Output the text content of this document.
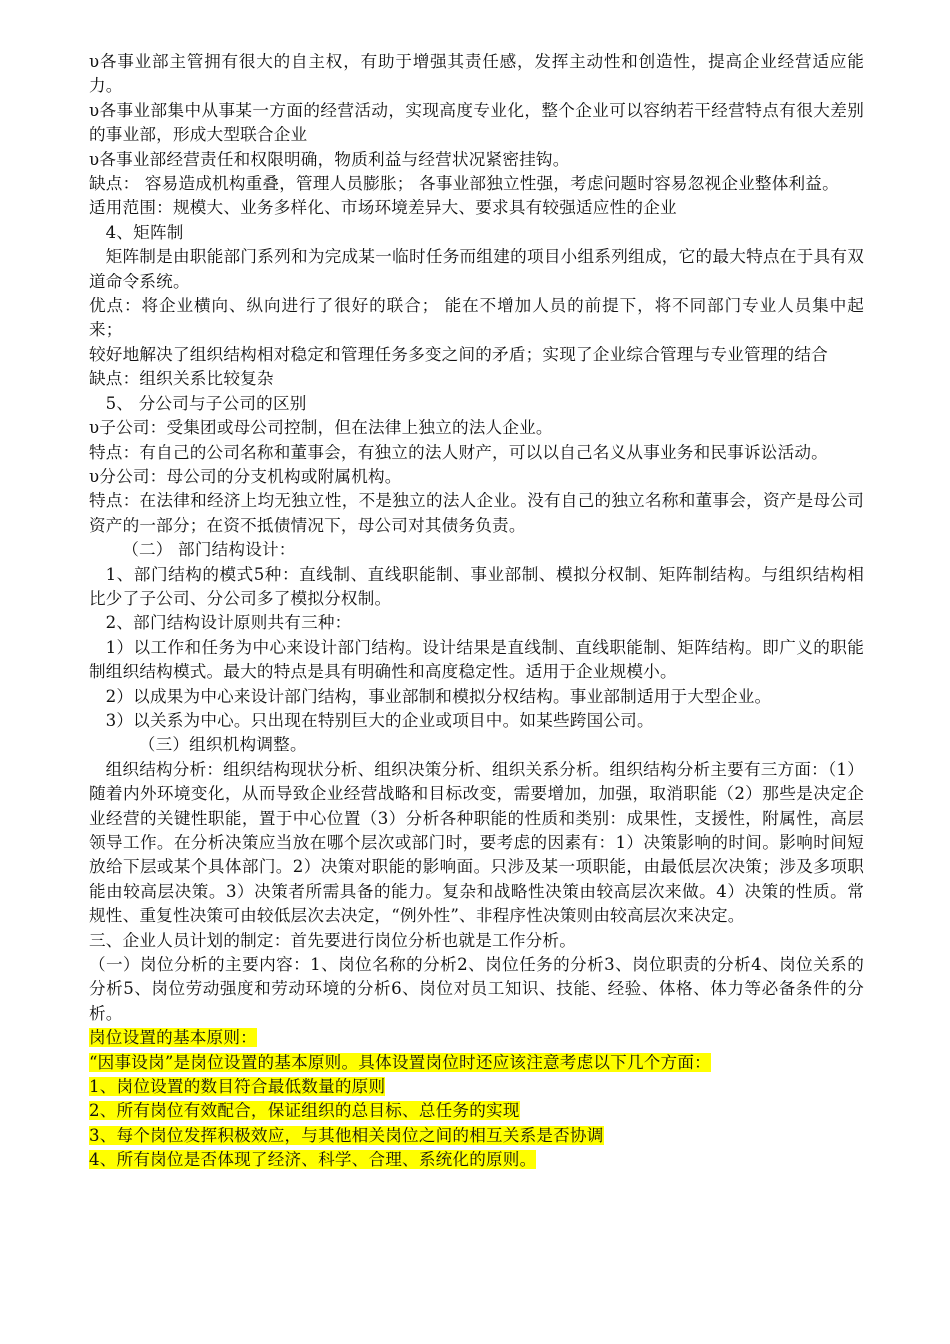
υ各事业部主管拥有很大的自主权，有助于增强其责任感，发挥主动性和创造性，提高企业经营适应能力。

υ各事业部集中从事某一方面的经营活动，实现高度专业化，整个企业可以容纳若干经营特点有很大差别的事业部，形成大型联合企业

υ各事业部经营责任和权限明确，物质利益与经营状况紧密挂钩。

缺点： 容易造成机构重叠，管理人员膨胀； 各事业部独立性强，考虑问题时容易忽视企业整体利益。

适用范围：规模大、业务多样化、市场环境差异大、要求具有较强适应性的企业

4、矩阵制

矩阵制是由职能部门系列和为完成某一临时任务而组建的项目小组系列组成，它的最大特点在于具有双道命令系统。

优点：将企业横向、纵向进行了很好的联合； 能在不增加人员的前提下，将不同部门专业人员集中起来；

较好地解决了组织结构相对稳定和管理任务多变之间的矛盾；实现了企业综合管理与专业管理的结合

缺点：组织关系比较复杂

5、 分公司与子公司的区别

υ子公司：受集团或母公司控制，但在法律上独立的法人企业。

特点：有自己的公司名称和董事会，有独立的法人财产，可以以自己名义从事业务和民事诉讼活动。

υ分公司：母公司的分支机构或附属机构。

特点：在法律和经济上均无独立性，不是独立的法人企业。没有自己的独立名称和董事会，资产是母公司资产的一部分；在资不抵债情况下，母公司对其债务负责。

（二） 部门结构设计：

1、部门结构的模式5种：直线制、直线职能制、事业部制、模拟分权制、矩阵制结构。与组织结构相比少了子公司、分公司多了模拟分权制。

2、部门结构设计原则共有三种：

1）以工作和任务为中心来设计部门结构。设计结果是直线制、直线职能制、矩阵结构。即广义的职能制组织结构模式。最大的特点是具有明确性和高度稳定性。适用于企业规模小。

2）以成果为中心来设计部门结构，事业部制和模拟分权结构。事业部制适用于大型企业。

3）以关系为中心。只出现在特别巨大的企业或项目中。如某些跨国公司。

（三）组织机构调整。

组织结构分析：组织结构现状分析、组织决策分析、组织关系分析。组织结构分析主要有三方面：（1）随着内外环境变化，从而导致企业经营战略和目标改变，需要增加，加强，取消职能（2）那些是决定企业经营的关键性职能，置于中心位置（3）分析各种职能的性质和类别：成果性，支援性，附属性，高层领导工作。在分析决策应当放在哪个层次或部门时，要考虑的因素有：1）决策影响的时间。影响时间短放给下层或某个具体部门。2）决策对职能的影响面。只涉及某一项职能，由最低层次决策；涉及多项职能由较高层决策。3）决策者所需具备的能力。复杂和战略性决策由较高层次来做。4）决策的性质。常规性、重复性决策可由较低层次去决定，“例外性”、非程序性决策则由较高层次来决定。

三、企业人员计划的制定：首先要进行岗位分析也就是工作分析。

（一）岗位分析的主要内容：1、岗位名称的分析2、岗位任务的分析3、岗位职责的分析4、岗位关系的分析5、岗位劳动强度和劳动环境的分析6、岗位对员工知识、技能、经验、体格、体力等必备条件的分析。

岗位设置的基本原则：

“因事设岗”是岗位设置的基本原则。具体设置岗位时还应该注意考虑以下几个方面：

1、岗位设置的数目符合最低数量的原则

2、所有岗位有效配合，保证组织的总目标、总任务的实现

3、每个岗位发挥积极效应，与其他相关岗位之间的相互关系是否协调

4、所有岗位是否体现了经济、科学、合理、系统化的原则。
